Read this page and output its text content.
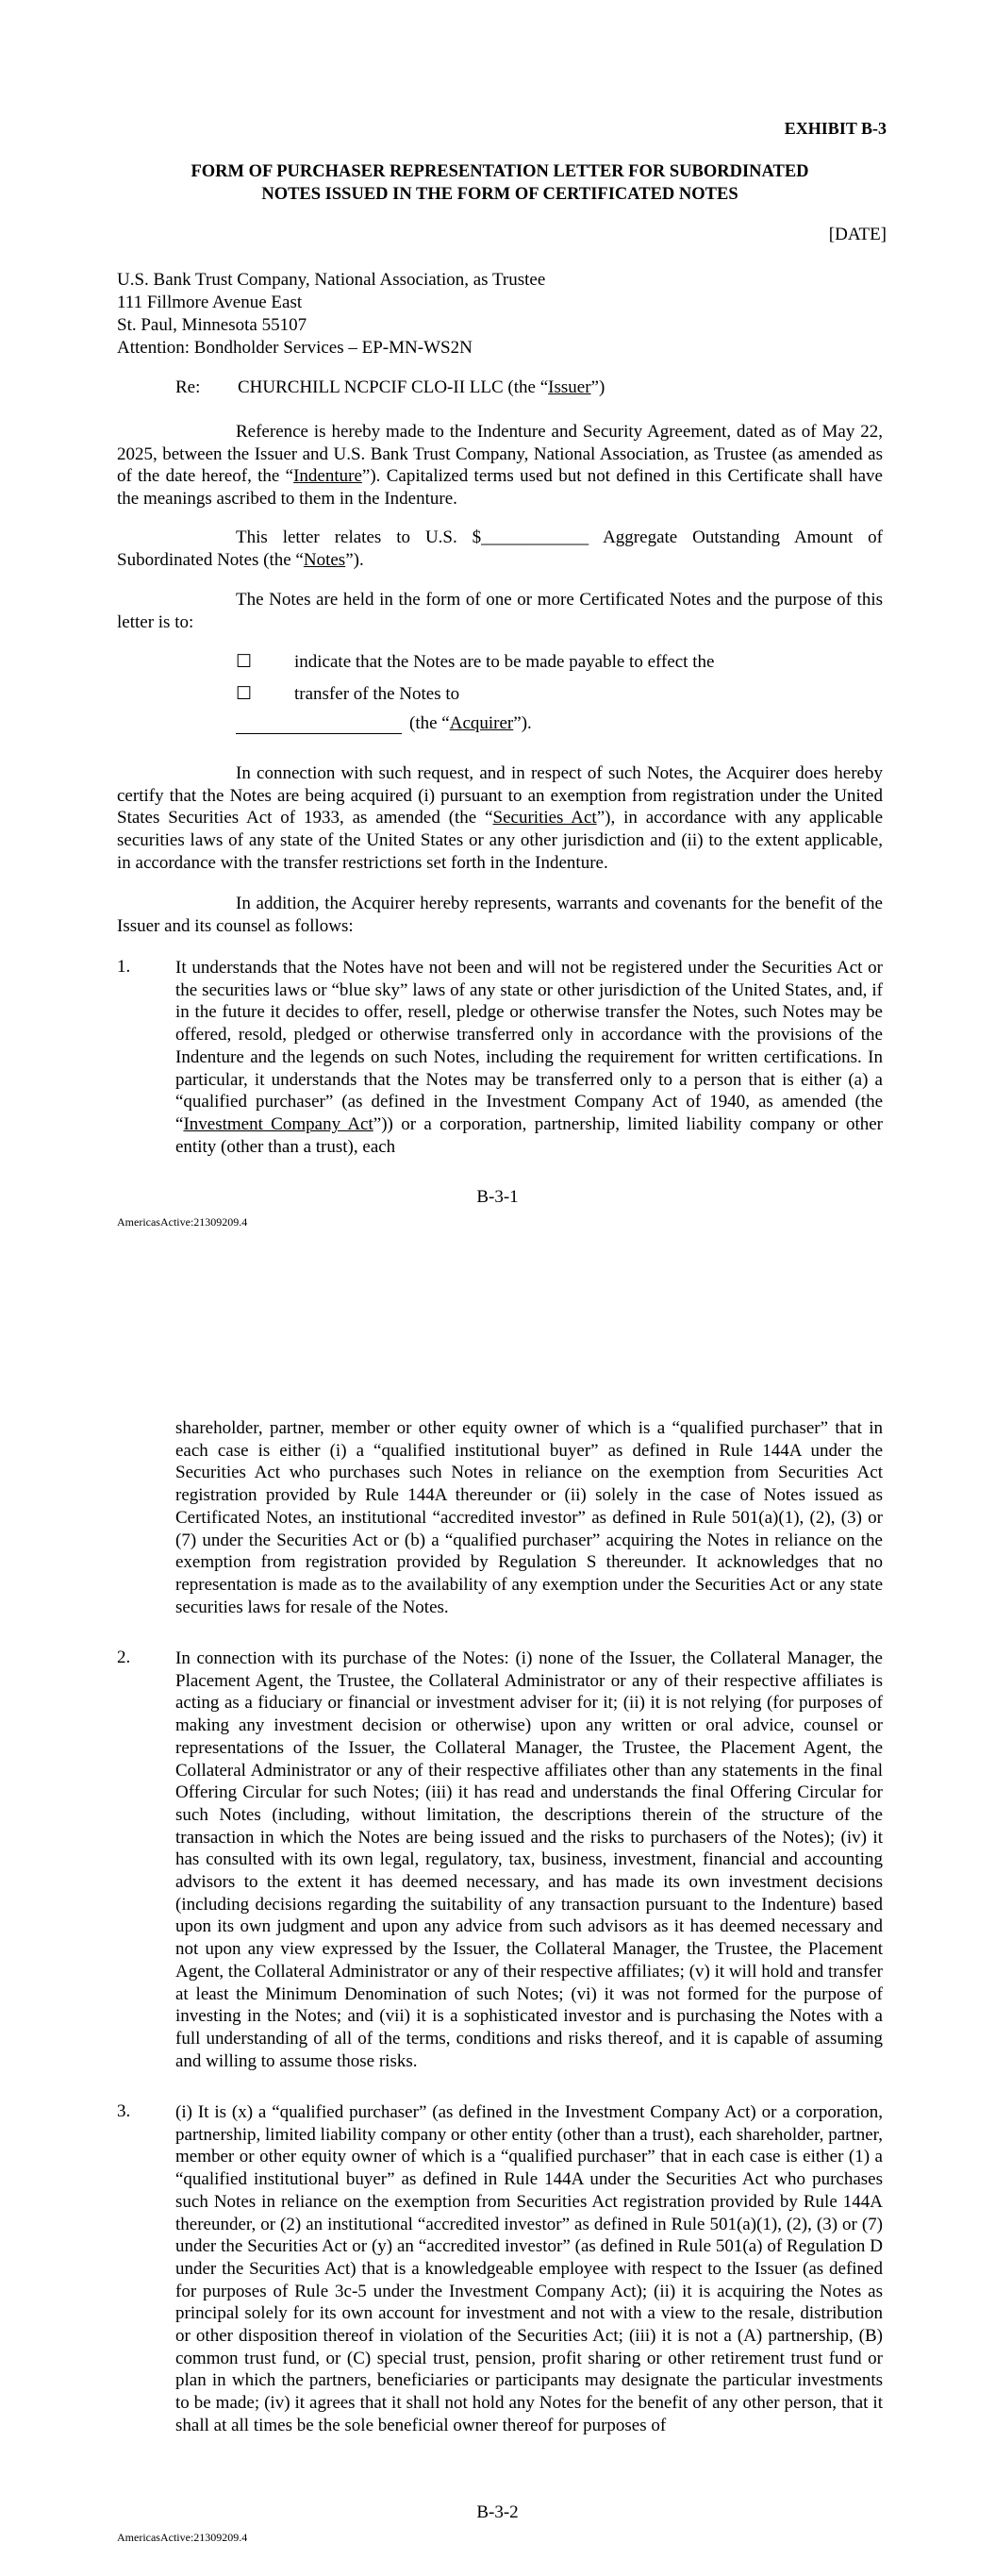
EXHIBIT B-3
FORM OF PURCHASER REPRESENTATION LETTER FOR SUBORDINATED
NOTES ISSUED IN THE FORM OF CERTIFICATED NOTES
[DATE]
U.S. Bank Trust Company, National Association, as Trustee
111 Fillmore Avenue East
St. Paul, Minnesota 55107
Attention: Bondholder Services – EP-MN-WS2N
Re: CHURCHILL NCPCIF CLO-II LLC (the “Issuer”)
Reference is hereby made to the Indenture and Security Agreement, dated as of May 22, 2025, between the Issuer and U.S. Bank Trust Company, National Association, as Trustee (as amended as of the date hereof, the “Indenture”). Capitalized terms used but not defined in this Certificate shall have the meanings ascribed to them in the Indenture.
This letter relates to U.S. $____________ Aggregate Outstanding Amount of Subordinated Notes (the “Notes”).
The Notes are held in the form of one or more Certificated Notes and the purpose of this letter is to:
☐ indicate that the Notes are to be made payable to effect the
☐ transfer of the Notes to
(the “Acquirer”).
In connection with such request, and in respect of such Notes, the Acquirer does hereby certify that the Notes are being acquired (i) pursuant to an exemption from registration under the United States Securities Act of 1933, as amended (the “Securities Act”), in accordance with any applicable securities laws of any state of the United States or any other jurisdiction and (ii) to the extent applicable, in accordance with the transfer restrictions set forth in the Indenture.
In addition, the Acquirer hereby represents, warrants and covenants for the benefit of the Issuer and its counsel as follows:
1.	It understands that the Notes have not been and will not be registered under the Securities Act or the securities laws or “blue sky” laws of any state or other jurisdiction of the United States, and, if in the future it decides to offer, resell, pledge or otherwise transfer the Notes, such Notes may be offered, resold, pledged or otherwise transferred only in accordance with the provisions of the Indenture and the legends on such Notes, including the requirement for written certifications. In particular, it understands that the Notes may be transferred only to a person that is either (a) a “qualified purchaser” (as defined in the Investment Company Act of 1940, as amended (the “Investment Company Act”)) or a corporation, partnership, limited liability company or other entity (other than a trust), each
B-3-1
AmericasActive:21309209.4
shareholder, partner, member or other equity owner of which is a “qualified purchaser” that in each case is either (i) a “qualified institutional buyer” as defined in Rule 144A under the Securities Act who purchases such Notes in reliance on the exemption from Securities Act registration provided by Rule 144A thereunder or (ii) solely in the case of Notes issued as Certificated Notes, an institutional “accredited investor” as defined in Rule 501(a)(1), (2), (3) or (7) under the Securities Act or (b) a “qualified purchaser” acquiring the Notes in reliance on the exemption from registration provided by Regulation S thereunder. It acknowledges that no representation is made as to the availability of any exemption under the Securities Act or any state securities laws for resale of the Notes.
2.	In connection with its purchase of the Notes: (i) none of the Issuer, the Collateral Manager, the Placement Agent, the Trustee, the Collateral Administrator or any of their respective affiliates is acting as a fiduciary or financial or investment adviser for it; (ii) it is not relying (for purposes of making any investment decision or otherwise) upon any written or oral advice, counsel or representations of the Issuer, the Collateral Manager, the Trustee, the Placement Agent, the Collateral Administrator or any of their respective affiliates other than any statements in the final Offering Circular for such Notes; (iii) it has read and understands the final Offering Circular for such Notes (including, without limitation, the descriptions therein of the structure of the transaction in which the Notes are being issued and the risks to purchasers of the Notes); (iv) it has consulted with its own legal, regulatory, tax, business, investment, financial and accounting advisors to the extent it has deemed necessary, and has made its own investment decisions (including decisions regarding the suitability of any transaction pursuant to the Indenture) based upon its own judgment and upon any advice from such advisors as it has deemed necessary and not upon any view expressed by the Issuer, the Collateral Manager, the Trustee, the Placement Agent, the Collateral Administrator or any of their respective affiliates; (v) it will hold and transfer at least the Minimum Denomination of such Notes; (vi) it was not formed for the purpose of investing in the Notes; and (vii) it is a sophisticated investor and is purchasing the Notes with a full understanding of all of the terms, conditions and risks thereof, and it is capable of assuming and willing to assume those risks.
3.	(i) It is (x) a “qualified purchaser” (as defined in the Investment Company Act) or a corporation, partnership, limited liability company or other entity (other than a trust), each shareholder, partner, member or other equity owner of which is a “qualified purchaser” that in each case is either (1) a “qualified institutional buyer” as defined in Rule 144A under the Securities Act who purchases such Notes in reliance on the exemption from Securities Act registration provided by Rule 144A thereunder, or (2) an institutional “accredited investor” as defined in Rule 501(a)(1), (2), (3) or (7) under the Securities Act or (y) an “accredited investor” (as defined in Rule 501(a) of Regulation D under the Securities Act) that is a knowledgeable employee with respect to the Issuer (as defined for purposes of Rule 3c-5 under the Investment Company Act); (ii) it is acquiring the Notes as principal solely for its own account for investment and not with a view to the resale, distribution or other disposition thereof in violation of the Securities Act; (iii) it is not a (A) partnership, (B) common trust fund, or (C) special trust, pension, profit sharing or other retirement trust fund or plan in which the partners, beneficiaries or participants may designate the particular investments to be made; (iv) it agrees that it shall not hold any Notes for the benefit of any other person, that it shall at all times be the sole beneficial owner thereof for purposes of
B-3-2
AmericasActive:21309209.4
